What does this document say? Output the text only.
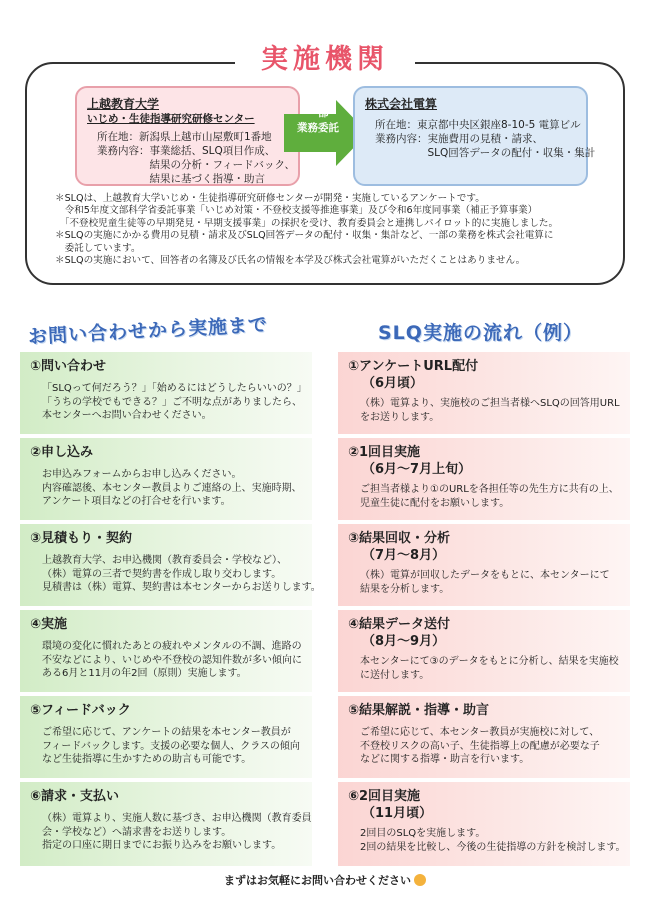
実施機関
上越教育大学
いじめ・生徒指導研究研修センター
所在地：新潟県上越市山屋敷町1番地
業務内容：事業総括、SLQ項目作成、
　　　　　結果の分析・フィードバック、
　　　　　結果に基づく指導・助言
一部
業務委託
株式会社電算
所在地：東京都中央区銀座8-10-5 電算ビル
業務内容：実施費用の見積・請求、
　　　　　SLQ回答データの配付・収集・集計
＊SLQは、上越教育大学いじめ・生徒指導研究研修センターが開発・実施しているアンケートです。
　令和5年度文部科学省委託事業「いじめ対策・不登校支援等推進事業」及び令和6年度同事業（補正予算事業）
　「不登校児童生徒等の早期発見・早期支援事業」の採択を受け、教育委員会と連携しパイロット的に実施しました。
＊SLQの実施にかかる費用の見積・請求及びSLQ回答データの配付・収集・集計など、一部の業務を株式会社電算に
　委託しています。
＊SLQの実施において、回答者の名簿及び氏名の情報を本学及び株式会社電算がいただくことはありません。
お問い合わせから実施まで	SLQ実施の流れ（例）
①問い合わせ
「SLQって何だろう？」「始めるにはどうしたらいいの？」
「うちの学校でもできる？」ご不明な点がありましたら、
本センターへお問い合わせください。
②申し込み
お申込みフォームからお申し込みください。
内容確認後、本センター教員よりご連絡の上、実施時期、
アンケート項目などの打合せを行います。
③見積もり・契約
上越教育大学、お申込機関（教育委員会・学校など）、
（株）電算の三者で契約書を作成し取り交わします。
見積書は（株）電算、契約書は本センターからお送りします。
④実施
環境の変化に慣れたあとの疲れやメンタルの不調、進路の
不安などにより、いじめや不登校の認知件数が多い傾向に
ある6月と11月の年2回（原則）実施します。
⑤フィードバック
ご希望に応じて、アンケートの結果を本センター教員が
フィードバックします。支援の必要な個人、クラスの傾向
など生徒指導に生かすための助言も可能です。
⑥請求・支払い
（株）電算より、実施人数に基づき、お申込機関（教育委員
会・学校など）へ請求書をお送りします。
指定の口座に期日までにお振り込みをお願いします。
①アンケートURL配付
（6月頃）
（株）電算より、実施校のご担当者様へSLQの回答用URL
をお送りします。
②1回目実施
（6月～7月上旬）
ご担当者様より①のURLを各担任等の先生方に共有の上、
児童生徒に配付をお願いします。
③結果回収・分析
（7月～8月）
（株）電算が回収したデータをもとに、本センターにて
結果を分析します。
④結果データ送付
（8月～9月）
本センターにて③のデータをもとに分析し、結果を実施校
に送付します。
⑤結果解説・指導・助言
ご希望に応じて、本センター教員が実施校に対して、
不登校リスクの高い子、生徒指導上の配慮が必要な子
などに関する指導・助言を行います。
⑥2回目実施
（11月頃）
2回目のSLQを実施します。
2回の結果を比較し、今後の生徒指導の方針を検討します。
まずはお気軽にお問い合わせください
